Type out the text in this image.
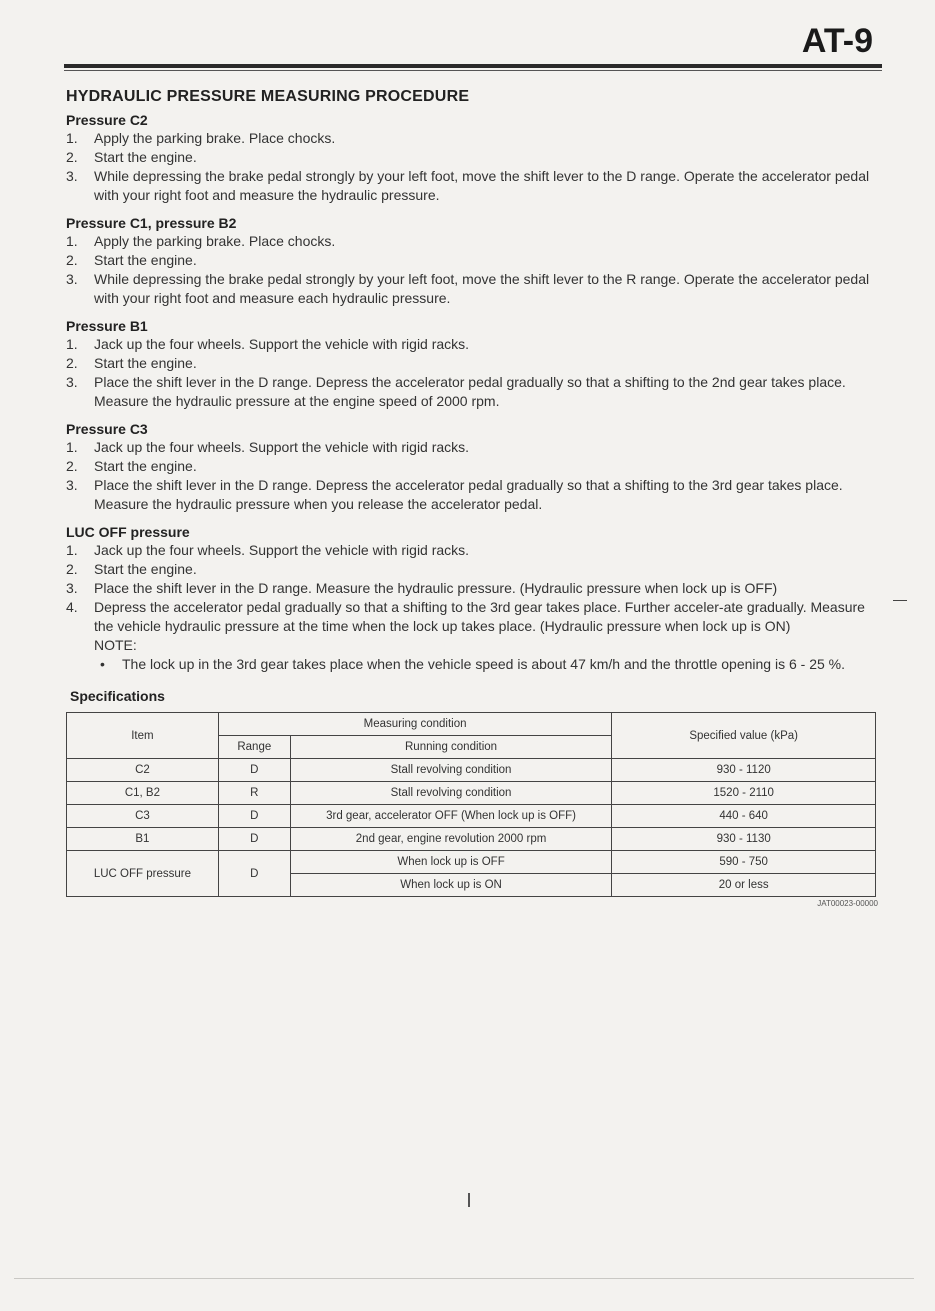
AT-9
HYDRAULIC PRESSURE MEASURING PROCEDURE
Pressure C2
1. Apply the parking brake. Place chocks.
2. Start the engine.
3. While depressing the brake pedal strongly by your left foot, move the shift lever to the D range. Operate the accelerator pedal with your right foot and measure the hydraulic pressure.
Pressure C1, pressure B2
1. Apply the parking brake. Place chocks.
2. Start the engine.
3. While depressing the brake pedal strongly by your left foot, move the shift lever to the R range. Operate the accelerator pedal with your right foot and measure each hydraulic pressure.
Pressure B1
1. Jack up the four wheels. Support the vehicle with rigid racks.
2. Start the engine.
3. Place the shift lever in the D range. Depress the accelerator pedal gradually so that a shifting to the 2nd gear takes place. Measure the hydraulic pressure at the engine speed of 2000 rpm.
Pressure C3
1. Jack up the four wheels. Support the vehicle with rigid racks.
2. Start the engine.
3. Place the shift lever in the D range. Depress the accelerator pedal gradually so that a shifting to the 3rd gear takes place. Measure the hydraulic pressure when you release the accelerator pedal.
LUC OFF pressure
1. Jack up the four wheels. Support the vehicle with rigid racks.
2. Start the engine.
3. Place the shift lever in the D range. Measure the hydraulic pressure. (Hydraulic pressure when lock up is OFF)
4. Depress the accelerator pedal gradually so that a shifting to the 3rd gear takes place. Further acceler-ate gradually. Measure the vehicle hydraulic pressure at the time when the lock up takes place. (Hydraulic pressure when lock up is ON)
NOTE:
• The lock up in the 3rd gear takes place when the vehicle speed is about 47 km/h and the throttle opening is 6 - 25 %.
Specifications
Item	Measuring condition		Specified value (kPa)
	Range	Running condition	
C2	D	Stall revolving condition	930 - 1120
C1, B2	R	Stall revolving condition	1520 - 2110
C3	D	3rd gear, accelerator OFF (When lock up is OFF)	440 - 640
B1	D	2nd gear, engine revolution 2000 rpm	930 - 1130
LUC OFF pressure	D	When lock up is OFF	590 - 750
		When lock up is ON	20 or less
JAT00023-00000
